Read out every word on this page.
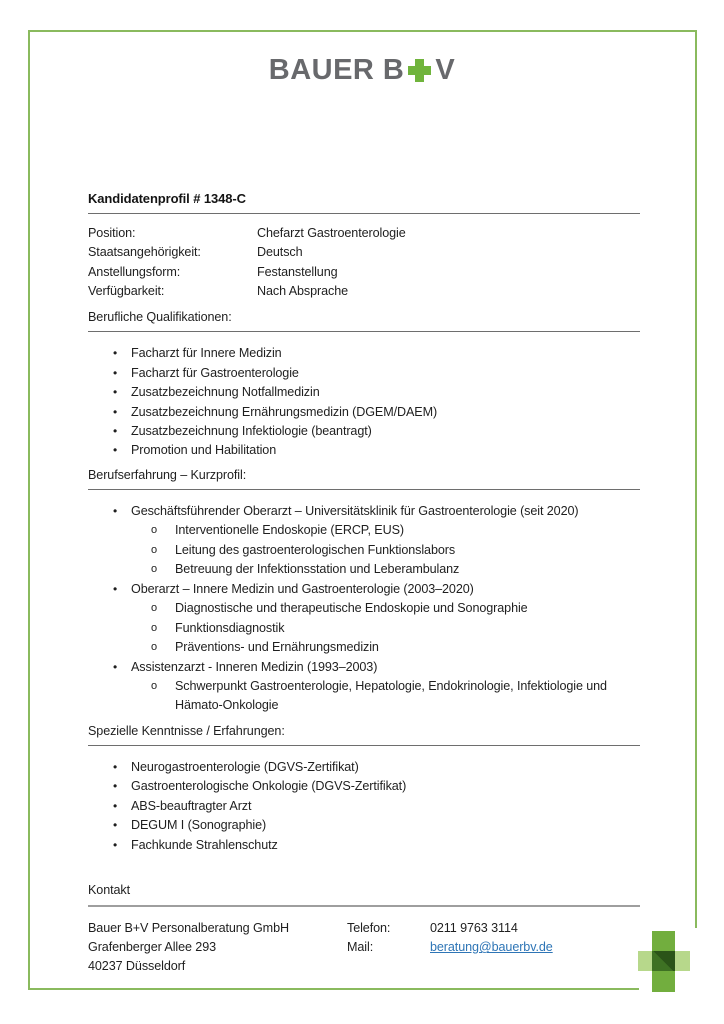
BAUER B V
Kandidatenprofil # 1348-C
Position:	Chefarzt Gastroenterologie
Staatsangehörigkeit:	Deutsch
Anstellungsform:	Festanstellung
Verfügbarkeit:	Nach Absprache
Berufliche Qualifikationen:
•	Facharzt für Innere Medizin
•	Facharzt für Gastroenterologie
•	Zusatzbezeichnung Notfallmedizin
•	Zusatzbezeichnung Ernährungsmedizin (DGEM/DAEM)
•	Zusatzbezeichnung Infektiologie (beantragt)
•	Promotion und Habilitation
Berufserfahrung – Kurzprofil:
•	Geschäftsführender Oberarzt – Universitätsklinik für Gastroenterologie (seit 2020)
o	Interventionelle Endoskopie (ERCP, EUS)
o	Leitung des gastroenterologischen Funktionslabors
o	Betreuung der Infektionsstation und Leberambulanz
•	Oberarzt – Innere Medizin und Gastroenterologie (2003–2020)
o	Diagnostische und therapeutische Endoskopie und Sonographie
o	Funktionsdiagnostik
o	Präventions- und Ernährungsmedizin
•	Assistenzarzt - Inneren Medizin (1993–2003)
o	Schwerpunkt Gastroenterologie, Hepatologie, Endokrinologie, Infektiologie und Hämato-Onkologie
Spezielle Kenntnisse / Erfahrungen:
•	Neurogastroenterologie (DGVS-Zertifikat)
•	Gastroenterologische Onkologie (DGVS-Zertifikat)
•	ABS-beauftragter Arzt
•	DEGUM I (Sonographie)
•	Fachkunde Strahlenschutz
Kontakt
Bauer B+V Personalberatung GmbH
Grafenberger Allee 293
40237 Düsseldorf
Telefon:	0211 9763 3114
Mail:	beratung@bauerbv.de
